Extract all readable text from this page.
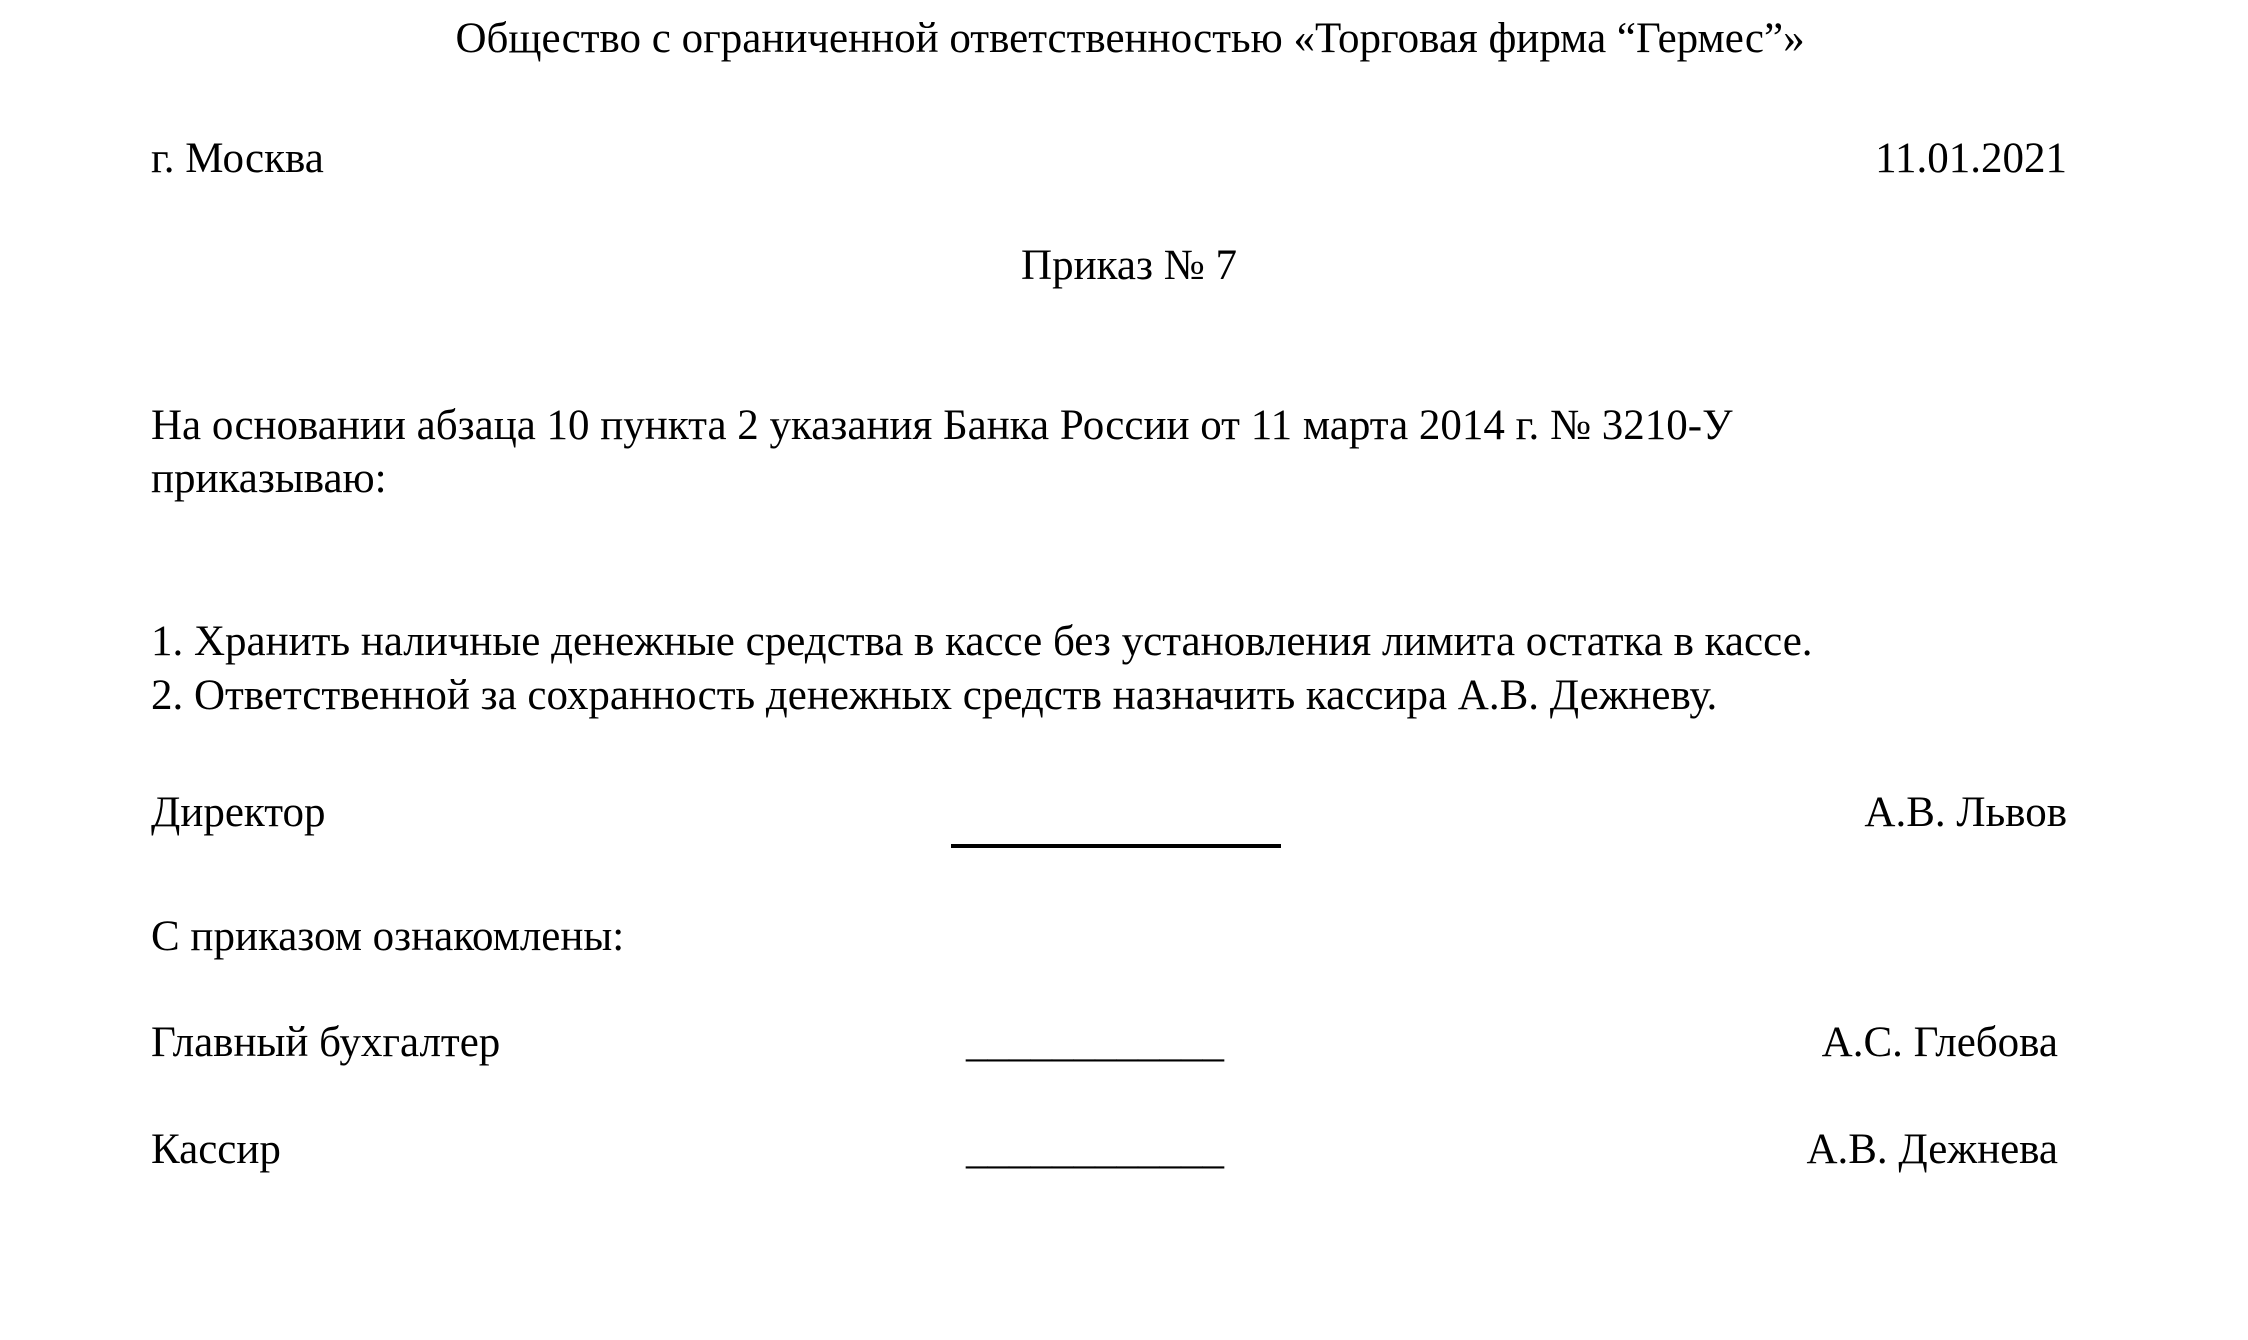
Общество с ограниченной ответственностью «Торговая фирма “Гермес”»
г. Москва	11.01.2021
Приказ № 7
На основании абзаца 10 пункта 2 указания Банка России от 11 марта 2014 г. № 3210-У
приказываю:
1. Хранить наличные денежные средства в кассе без установления лимита остатка в кассе.
2. Ответственной за сохранность денежных средств назначить кассира А.В. Дежневу.
Директор	А.В. Львов
С приказом ознакомлены:
Главный бухгалтер	____________	А.С. Глебова
Кассир	____________	А.В. Дежнева
